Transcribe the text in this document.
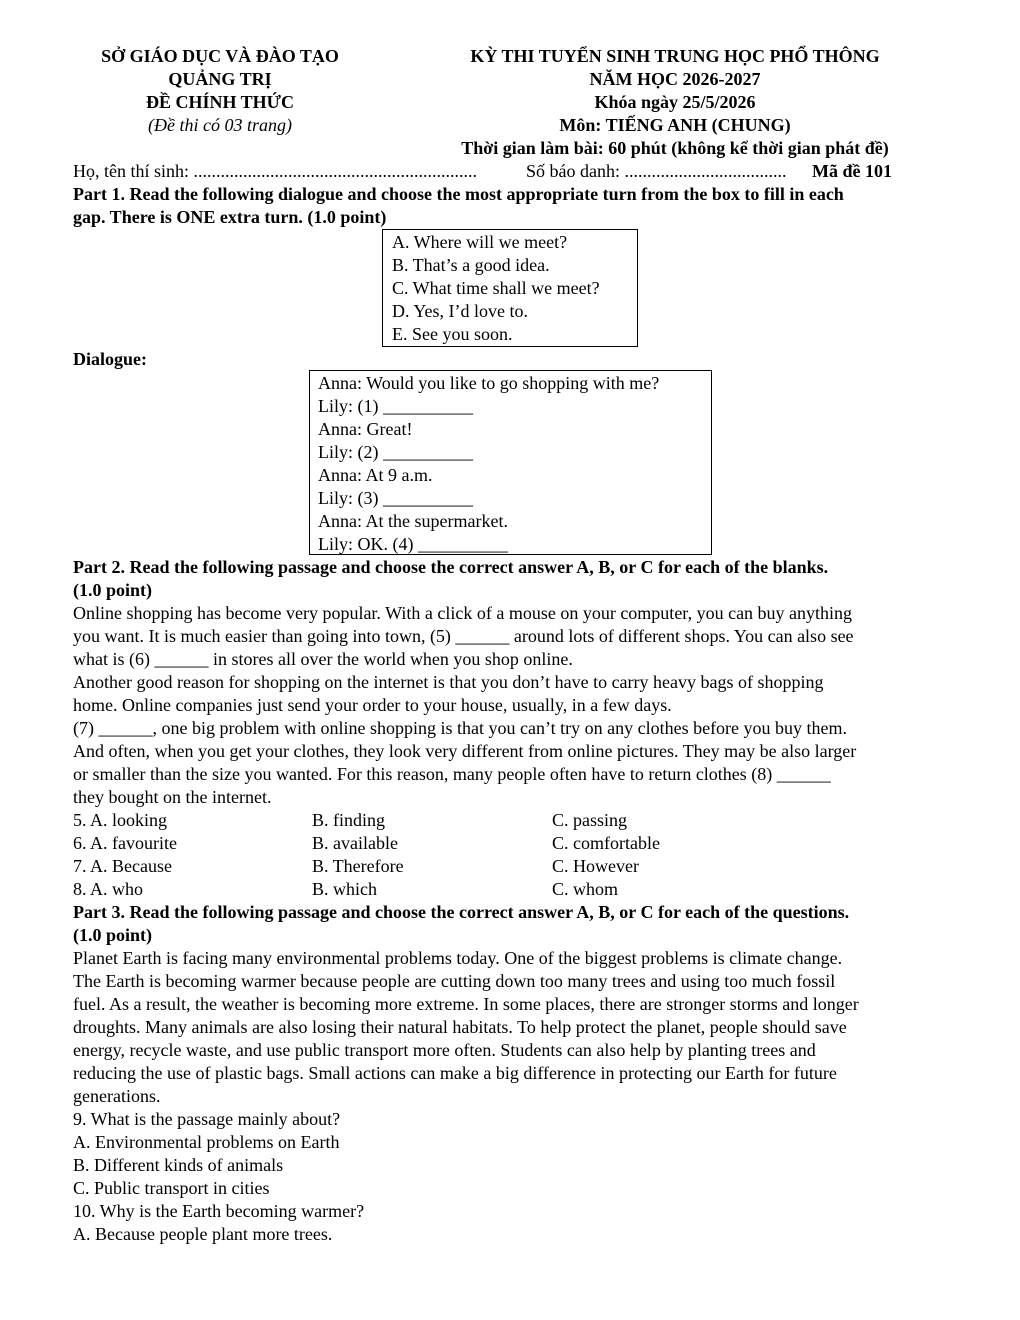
SỞ GIÁO DỤC VÀ ĐÀO TẠO
QUẢNG TRỊ
ĐỀ CHÍNH THỨC
(Đề thi có 03 trang)
KỲ THI TUYỂN SINH TRUNG HỌC PHỔ THÔNG
NĂM HỌC 2026-2027
Khóa ngày 25/5/2026
Môn: TIẾNG ANH (CHUNG)
Thời gian làm bài: 60 phút (không kể thời gian phát đề)
Họ, tên thí sinh: ...............................................................	Số báo danh: .................................... Mã đề 101
Part 1. Read the following dialogue and choose the most appropriate turn from the box to fill in each
gap. There is ONE extra turn. (1.0 point)
A. Where will we meet?
B. That’s a good idea.
C. What time shall we meet?
D. Yes, I’d love to.
E. See you soon.
Dialogue:
Anna: Would you like to go shopping with me?
Lily: (1) __________
Anna: Great!
Lily: (2) __________
Anna: At 9 a.m.
Lily: (3) __________
Anna: At the supermarket.
Lily: OK. (4) __________
Part 2. Read the following passage and choose the correct answer A, B, or C for each of the blanks.
(1.0 point)
Online shopping has become very popular. With a click of a mouse on your computer, you can buy anything
you want. It is much easier than going into town, (5) ______ around lots of different shops. You can also see
what is (6) ______ in stores all over the world when you shop online.
Another good reason for shopping on the internet is that you don’t have to carry heavy bags of shopping
home. Online companies just send your order to your house, usually, in a few days.
(7) ______, one big problem with online shopping is that you can’t try on any clothes before you buy them.
And often, when you get your clothes, they look very different from online pictures. They may be also larger
or smaller than the size you wanted. For this reason, many people often have to return clothes (8) ______
they bought on the internet.
5. A. looking	B. finding	C. passing
6. A. favourite	B. available	C. comfortable
7. A. Because	B. Therefore	C. However
8. A. who	B. which	C. whom
Part 3. Read the following passage and choose the correct answer A, B, or C for each of the questions.
(1.0 point)
Planet Earth is facing many environmental problems today. One of the biggest problems is climate change.
The Earth is becoming warmer because people are cutting down too many trees and using too much fossil
fuel. As a result, the weather is becoming more extreme. In some places, there are stronger storms and longer
droughts. Many animals are also losing their natural habitats. To help protect the planet, people should save
energy, recycle waste, and use public transport more often. Students can also help by planting trees and
reducing the use of plastic bags. Small actions can make a big difference in protecting our Earth for future
generations.
9. What is the passage mainly about?
A. Environmental problems on Earth
B. Different kinds of animals
C. Public transport in cities
10. Why is the Earth becoming warmer?
A. Because people plant more trees.
